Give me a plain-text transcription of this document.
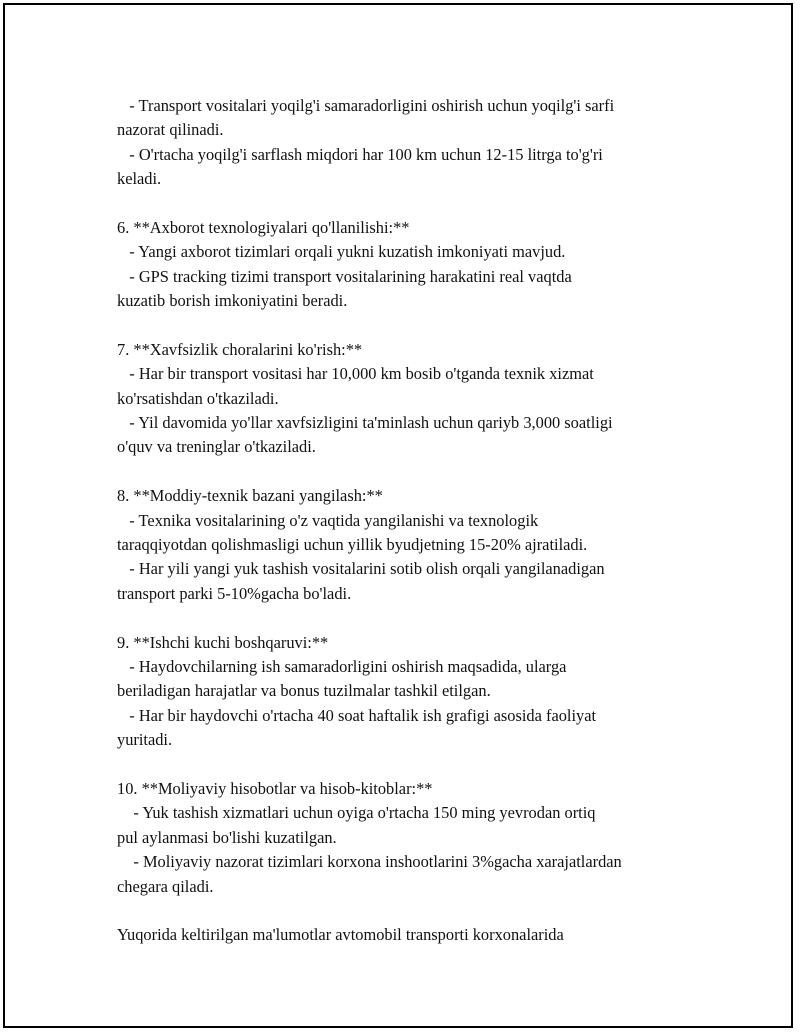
- Transport vositalari yoqilg'i samaradorligini oshirish uchun yoqilg'i sarfi
nazorat qilinadi.
- O'rtacha yoqilg'i sarflash miqdori har 100 km uchun 12-15 litrga to'g'ri
keladi.
6. **Axborot texnologiyalari qo'llanilishi:**
- Yangi axborot tizimlari orqali yukni kuzatish imkoniyati mavjud.
- GPS tracking tizimi transport vositalarining harakatini real vaqtda
kuzatib borish imkoniyatini beradi.
7. **Xavfsizlik choralarini ko'rish:**
- Har bir transport vositasi har 10,000 km bosib o'tganda texnik xizmat
ko'rsatishdan o'tkaziladi.
- Yil davomida yo'llar xavfsizligini ta'minlash uchun qariyb 3,000 soatligi
o'quv va treninglar o'tkaziladi.
8. **Moddiy-texnik bazani yangilash:**
- Texnika vositalarining o'z vaqtida yangilanishi va texnologik
taraqqiyotdan qolishmasligi uchun yillik byudjetning 15-20% ajratiladi.
- Har yili yangi yuk tashish vositalarini sotib olish orqali yangilanadigan
transport parki 5-10%gacha bo'ladi.
9. **Ishchi kuchi boshqaruvi:**
- Haydovchilarning ish samaradorligini oshirish maqsadida, ularga
beriladigan harajatlar va bonus tuzilmalar tashkil etilgan.
- Har bir haydovchi o'rtacha 40 soat haftalik ish grafigi asosida faoliyat
yuritadi.
10. **Moliyaviy hisobotlar va hisob-kitoblar:**
- Yuk tashish xizmatlari uchun oyiga o'rtacha 150 ming yevrodan ortiq
pul aylanmasi bo'lishi kuzatilgan.
- Moliyaviy nazorat tizimlari korxona inshootlarini 3%gacha xarajatlardan
chegara qiladi.
Yuqorida keltirilgan ma'lumotlar avtomobil transporti korxonalarida
